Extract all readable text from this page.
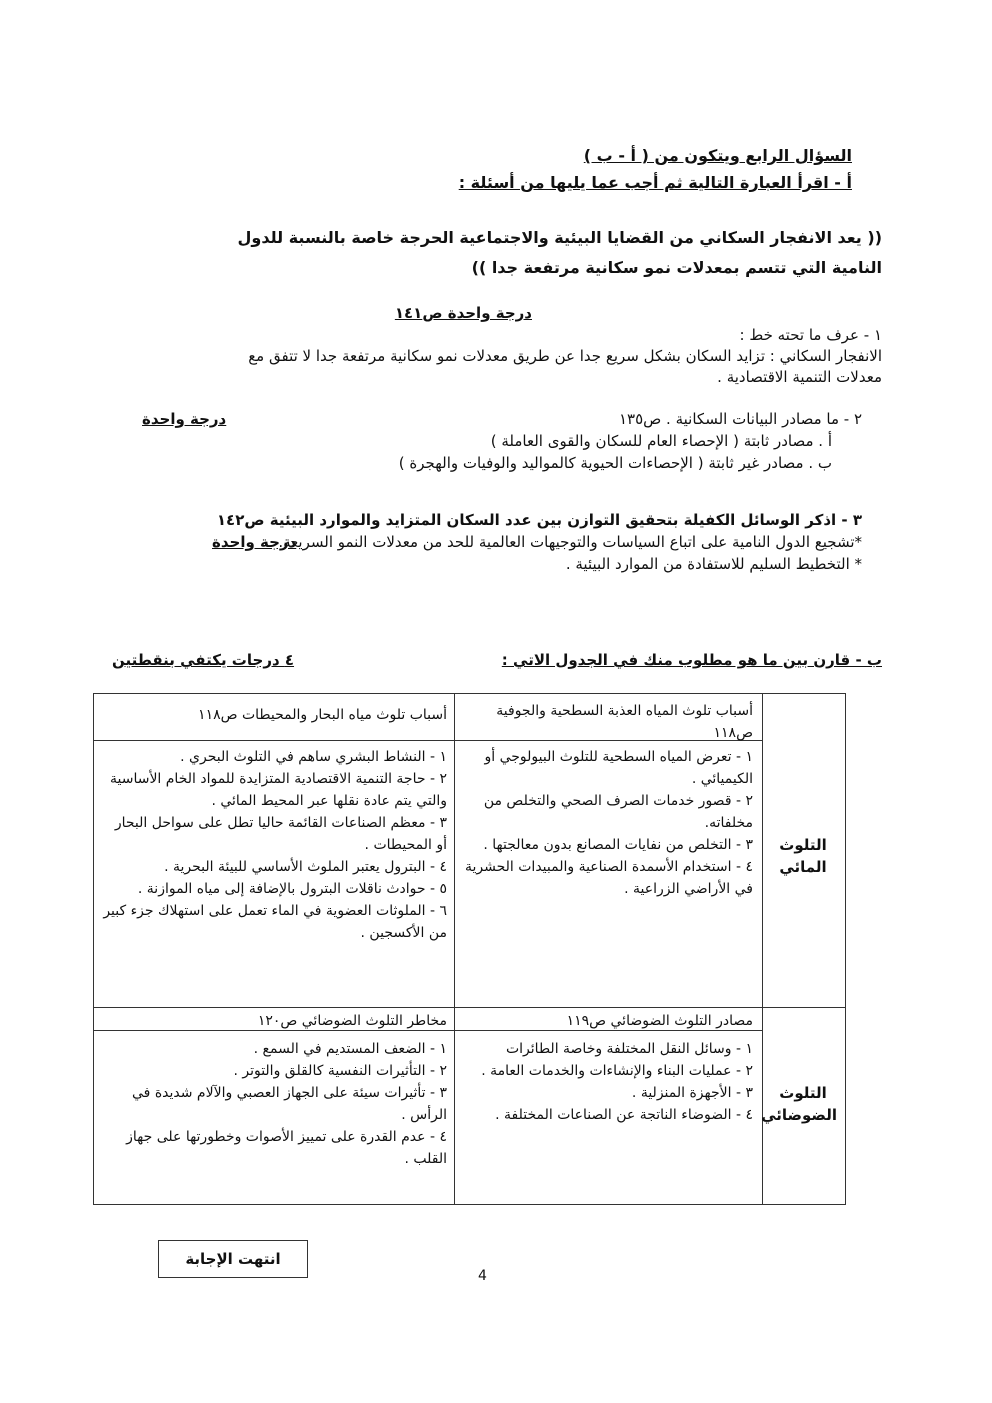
السؤال الرابع ويتكون من ( أ - ب )
أ - اقرأ العبارة التالية ثم أجب عما يليها من أسئلة :
(( يعد الانفجار السكاني من القضايا البيئية والاجتماعية الحرجة خاصة بالنسبة للدول
النامية التي تتسم بمعدلات نمو سكانية مرتفعة جدا ))
درجة واحدة ص١٤١
١ - عرف ما تحته خط :
الانفجار السكاني : تزايد السكان بشكل سريع جدا عن طريق معدلات نمو سكانية مرتفعة جدا لا تتفق مع
معدلات التنمية الاقتصادية .
درجة واحدة	٢ - ما مصادر البيانات السكانية . ص١٣٥
أ . مصادر ثابتة ( الإحصاء العام للسكان والقوى العاملة )
ب . مصادر غير ثابتة ( الإحصاءات الحيوية كالمواليد والوفيات والهجرة )
٣ - اذكر الوسائل الكفيلة بتحقيق التوازن بين عدد السكان المتزايد والموارد البيئية ص١٤٢
*تشجيع الدول النامية على اتباع السياسات والتوجيهات العالمية للحد من معدلات النمو السريعة.
* التخطيط السليم للاستفادة من الموارد البيئية .
درجة واحدة
ب - قارن بين ما هو مطلوب منك في الجدول الاتي :
٤ درجات يكتفي بنقطتين
التلوث المائي
أسباب تلوث المياه العذبة السطحية والجوفية ص١١٨
أسباب تلوث مياه البحار والمحيطات ص١١٨
١ - تعرض المياه السطحية للتلوث البيولوجي أو الكيميائي .
٢ - قصور خدمات الصرف الصحي والتخلص من مخلفاته.
٣ - التخلص من نفايات المصانع بدون معالجتها .
٤ - استخدام الأسمدة الصناعية والمبيدات الحشرية في الأراضي الزراعية .
١ - النشاط البشري ساهم في التلوث البحري .
٢ - حاجة التنمية الاقتصادية المتزايدة للمواد الخام الأساسية والتي يتم عادة نقلها عبر المحيط المائي .
٣ - معظم الصناعات القائمة حاليا تطل على سواحل البحار أو المحيطات .
٤ - البترول يعتبر الملوث الأساسي للبيئة البحرية .
٥ - حوادث ناقلات البترول بالإضافة إلى مياه الموازنة .
٦ - الملوثات العضوية في الماء تعمل على استهلاك جزء كبير من الأكسجين .
التلوث الضوضائي
مصادر التلوث الضوضائي ص١١٩
مخاطر التلوث الضوضائي ص١٢٠
١ - وسائل النقل المختلفة وخاصة الطائرات
٢ - عمليات البناء والإنشاءات والخدمات العامة .
٣ - الأجهزة المنزلية .
٤ - الضوضاء الناتجة عن الصناعات المختلفة .
١ - الضعف المستديم في السمع .
٢ - التأثيرات النفسية كالقلق والتوتر .
٣ - تأثيرات سيئة على الجهاز العصبي والآلام شديدة في الرأس .
٤ - عدم القدرة على تمييز الأصوات وخطورتها على جهاز القلب .
انتهت الإجابة
4
